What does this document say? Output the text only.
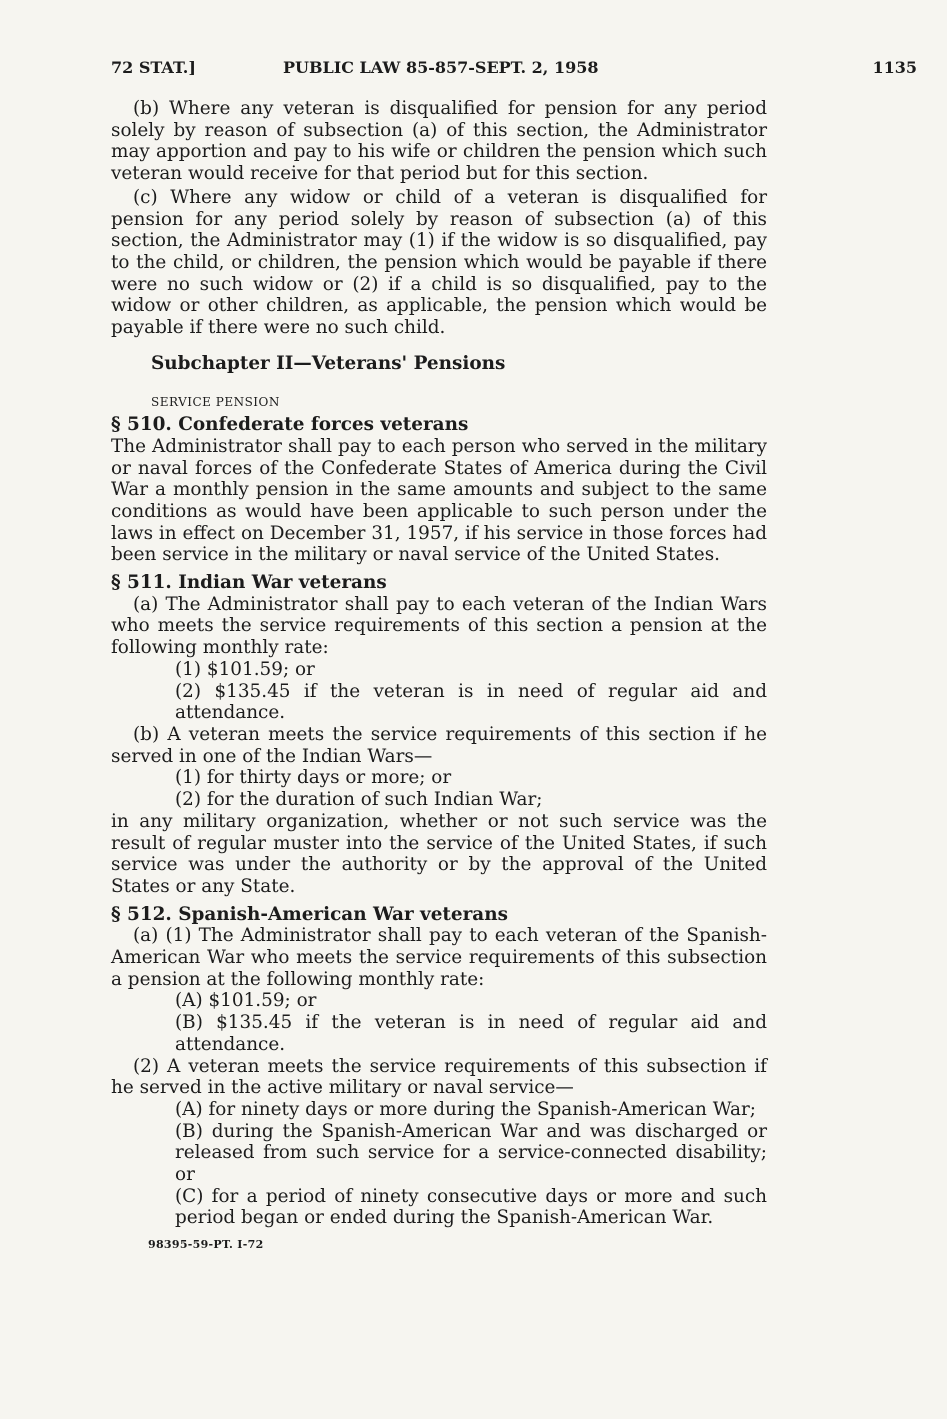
72 STAT.]	PUBLIC LAW 85-857-SEPT. 2, 1958	1135

(b) Where any veteran is disqualified for pension for any period solely by reason of subsection (a) of this section, the Administrator may apportion and pay to his wife or children the pension which such veteran would receive for that period but for this section.

(c) Where any widow or child of a veteran is disqualified for pension for any period solely by reason of subsection (a) of this section, the Administrator may (1) if the widow is so disqualified, pay to the child, or children, the pension which would be payable if there were no such widow or (2) if a child is so disqualified, pay to the widow or other children, as applicable, the pension which would be payable if there were no such child.

Subchapter II—Veterans' Pensions

SERVICE PENSION

§ 510. Confederate forces veterans

The Administrator shall pay to each person who served in the military or naval forces of the Confederate States of America during the Civil War a monthly pension in the same amounts and subject to the same conditions as would have been applicable to such person under the laws in effect on December 31, 1957, if his service in those forces had been service in the military or naval service of the United States.

§ 511. Indian War veterans

(a) The Administrator shall pay to each veteran of the Indian Wars who meets the service requirements of this section a pension at the following monthly rate:

(1) $101.59; or

(2) $135.45 if the veteran is in need of regular aid and attendance.

(b) A veteran meets the service requirements of this section if he served in one of the Indian Wars—

(1) for thirty days or more; or

(2) for the duration of such Indian War;

in any military organization, whether or not such service was the result of regular muster into the service of the United States, if such service was under the authority or by the approval of the United States or any State.

§ 512. Spanish-American War veterans

(a) (1) The Administrator shall pay to each veteran of the Spanish-American War who meets the service requirements of this subsection a pension at the following monthly rate:

(A) $101.59; or

(B) $135.45 if the veteran is in need of regular aid and attendance.

(2) A veteran meets the service requirements of this subsection if he served in the active military or naval service—

(A) for ninety days or more during the Spanish-American War;

(B) during the Spanish-American War and was discharged or released from such service for a service-connected disability; or

(C) for a period of ninety consecutive days or more and such period began or ended during the Spanish-American War.

98395-59-PT. I-72
